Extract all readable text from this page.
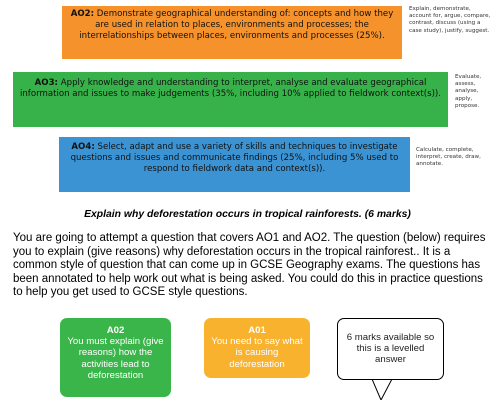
AO2: Demonstrate geographical understanding of: concepts and how they are used in relation to places, environments and processes; the interrelationships between places, environments and processes (25%).
Explain, demonstrate, account for, argue, compare, contrast, discuss (using a case study), justify, suggest.
AO3: Apply knowledge and understanding to interpret, analyse and evaluate geographical information and issues to make judgements (35%, including 10% applied to fieldwork context(s)).
Evaluate, assess, analyse, apply, propose.
AO4: Select, adapt and use a variety of skills and techniques to investigate questions and issues and communicate findings (25%, including 5% used to respond to fieldwork data and context(s)).
Calculate, complete, interpret, create, draw, annotate.
Explain why deforestation occurs in tropical rainforests. (6 marks)
You are going to attempt a question that covers AO1 and AO2. The question (below) requires you to explain (give reasons) why deforestation occurs in the tropical rainforest.. It is a common style of question that can come up in GCSE Geography exams. The questions has been annotated to help work out what is being asked. You could do this in practice questions to help you get used to GCSE style questions.
A02
You must explain (give reasons) how the activities lead to deforestation
A01
You need to say what is causing deforestation
6 marks available so this is a levelled answer
